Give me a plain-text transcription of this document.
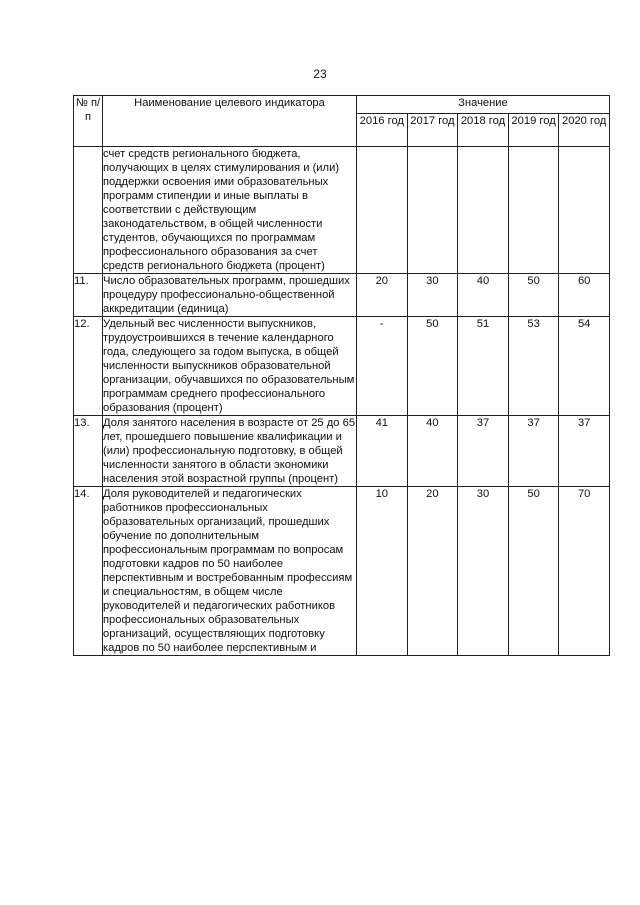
23
№ п/п	Наименование целевого индикатора	Значение				
		2016 год	2017 год	2018 год	2019 год	2020 год
	счет средств регионального бюджета, получающих в целях стимулирования и (или) поддержки освоения ими образовательных программ стипендии и иные выплаты в соответствии с действующим законодательством, в общей численности студентов, обучающихся по программам профессионального образования за счет средств регионального бюджета (процент)					
11.	Число образовательных программ, прошедших процедуру профессионально-общественной аккредитации (единица)	20	30	40	50	60
12.	Удельный вес численности выпускников, трудоустроившихся в течение календарного года, следующего за годом выпуска, в общей численности выпускников образовательной организации, обучавшихся по образовательным программам среднего профессионального образования (процент)	-	50	51	53	54
13.	Доля занятого населения в возрасте от 25 до 65 лет, прошедшего повышение квалификации и (или) профессиональную подготовку, в общей численности занятого в области экономики населения этой возрастной группы (процент)	41	40	37	37	37
14.	Доля руководителей и педагогических работников профессиональных образовательных организаций, прошедших обучение по дополнительным профессиональным программам по вопросам подготовки кадров по 50 наиболее перспективным и востребованным профессиям и специальностям, в общем числе руководителей и педагогических работников профессиональных образовательных организаций, осуществляющих подготовку кадров по 50 наиболее перспективным и	10	20	30	50	70
